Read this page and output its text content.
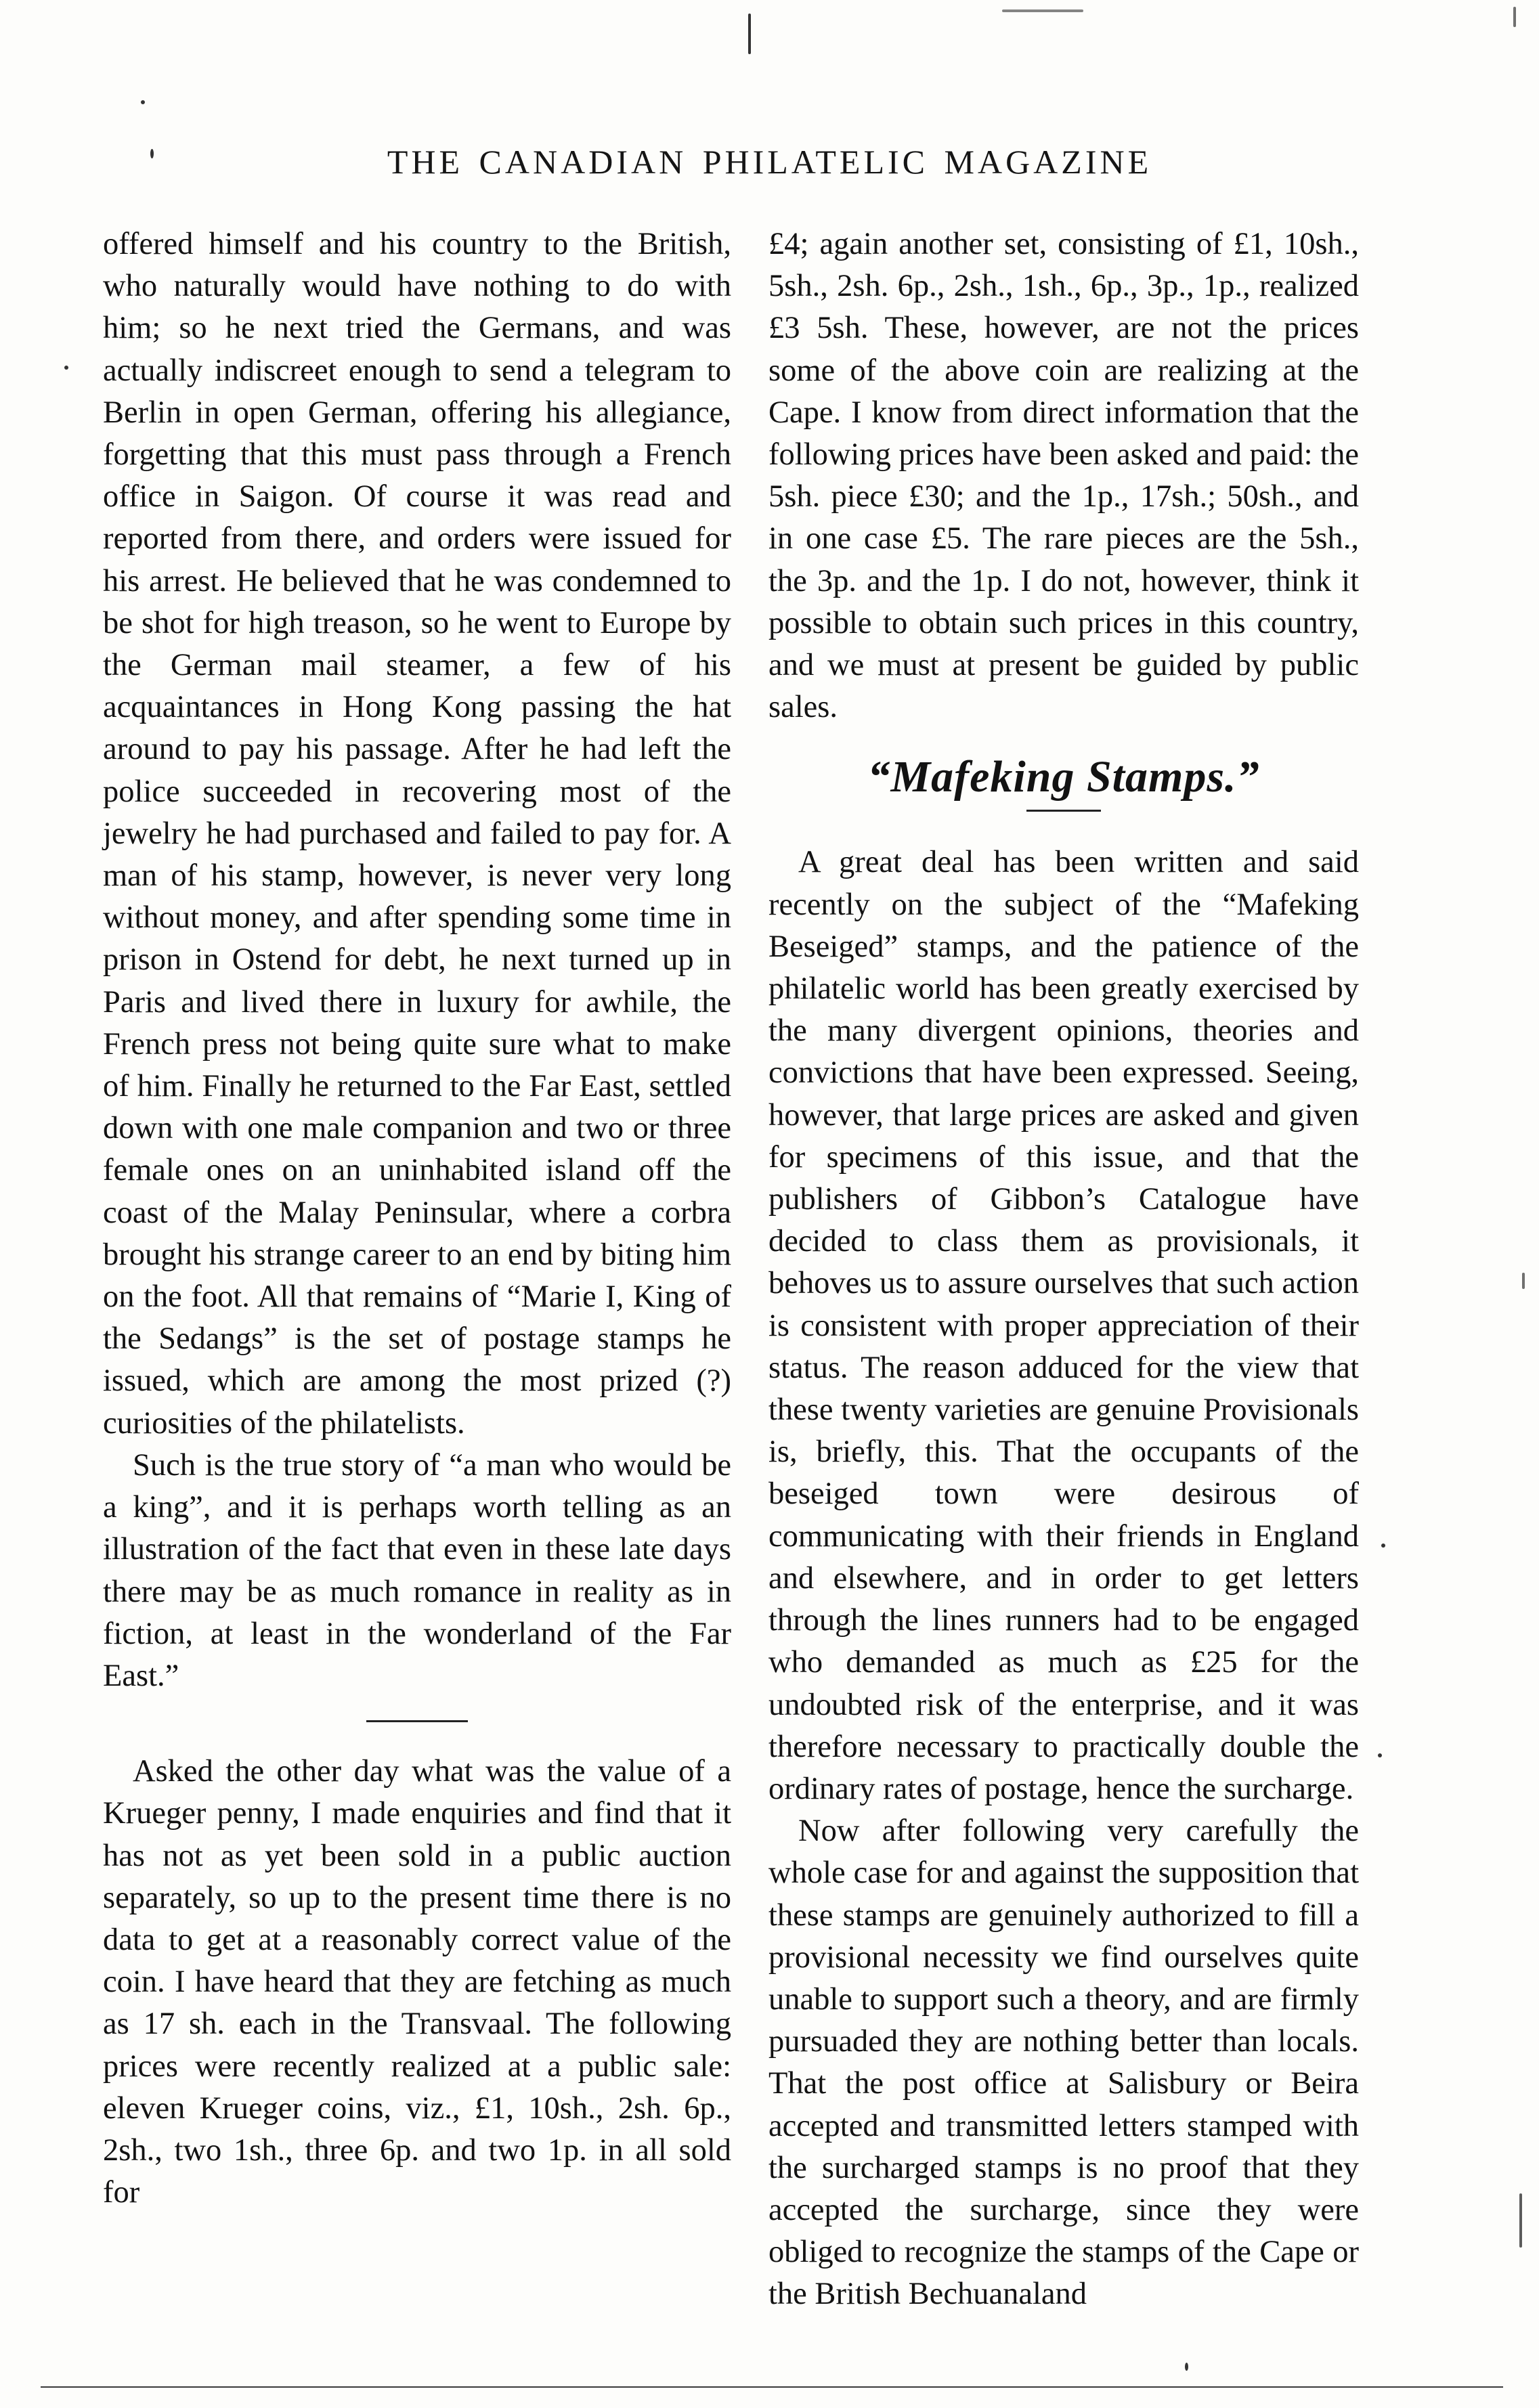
THE CANADIAN PHILATELIC MAGAZINE

offered himself and his country to the British, who naturally would have nothing to do with him; so he next tried the Germans, and was actually indiscreet enough to send a telegram to Berlin in open German, offering his allegiance, forgetting that this must pass through a French office in Saigon. Of course it was read and reported from there, and orders were issued for his arrest. He believed that he was condemned to be shot for high treason, so he went to Europe by the German mail steamer, a few of his acquaintances in Hong Kong passing the hat around to pay his passage. After he had left the police succeeded in recovering most of the jewelry he had purchased and failed to pay for. A man of his stamp, however, is never very long without money, and after spending some time in prison in Ostend for debt, he next turned up in Paris and lived there in luxury for awhile, the French press not being quite sure what to make of him. Finally he returned to the Far East, settled down with one male companion and two or three female ones on an uninhabited island off the coast of the Malay Peninsular, where a corbra brought his strange career to an end by biting him on the foot. All that remains of “Marie I, King of the Sedangs” is the set of postage stamps he issued, which are among the most prized (?) curiosities of the philatelists.

Such is the true story of “a man who would be a king”, and it is perhaps worth telling as an illustration of the fact that even in these late days there may be as much romance in reality as in fiction, at least in the wonderland of the Far East.”

Asked the other day what was the value of a Krueger penny, I made enquiries and find that it has not as yet been sold in a public auction separately, so up to the present time there is no data to get at a reasonably correct value of the coin. I have heard that they are fetching as much as 17 sh. each in the Transvaal. The following prices were recently realized at a public sale: eleven Krueger coins, viz., £1, 10sh., 2sh. 6p., 2sh., two 1sh., three 6p. and two 1p. in all sold for

£4; again another set, consisting of £1, 10sh., 5sh., 2sh. 6p., 2sh., 1sh., 6p., 3p., 1p., realized £3 5sh. These, however, are not the prices some of the above coin are realizing at the Cape. I know from direct information that the following prices have been asked and paid: the 5sh. piece £30; and the 1p., 17sh.; 50sh., and in one case £5. The rare pieces are the 5sh., the 3p. and the 1p. I do not, however, think it possible to obtain such prices in this country, and we must at present be guided by public sales.

“Mafeking Stamps.”

A great deal has been written and said recently on the subject of the “Mafeking Beseiged” stamps, and the patience of the philatelic world has been greatly exercised by the many divergent opinions, theories and convictions that have been expressed. Seeing, however, that large prices are asked and given for specimens of this issue, and that the publishers of Gibbon’s Catalogue have decided to class them as provisionals, it behoves us to assure ourselves that such action is consistent with proper appreciation of their status. The reason adduced for the view that these twenty varieties are genuine Provisionals is, briefly, this. That the occupants of the beseiged town were desirous of communicating with their friends in England and elsewhere, and in order to get letters through the lines runners had to be engaged who demanded as much as £25 for the undoubted risk of the enterprise, and it was therefore necessary to practically double the ordinary rates of postage, hence the surcharge.

Now after following very carefully the whole case for and against the supposition that these stamps are genuinely authorized to fill a provisional necessity we find ourselves quite unable to support such a theory, and are firmly pursuaded they are nothing better than locals. That the post office at Salisbury or Beira accepted and transmitted letters stamped with the surcharged stamps is no proof that they accepted the surcharge, since they were obliged to recognize the stamps of the Cape or the British Bechuanaland
